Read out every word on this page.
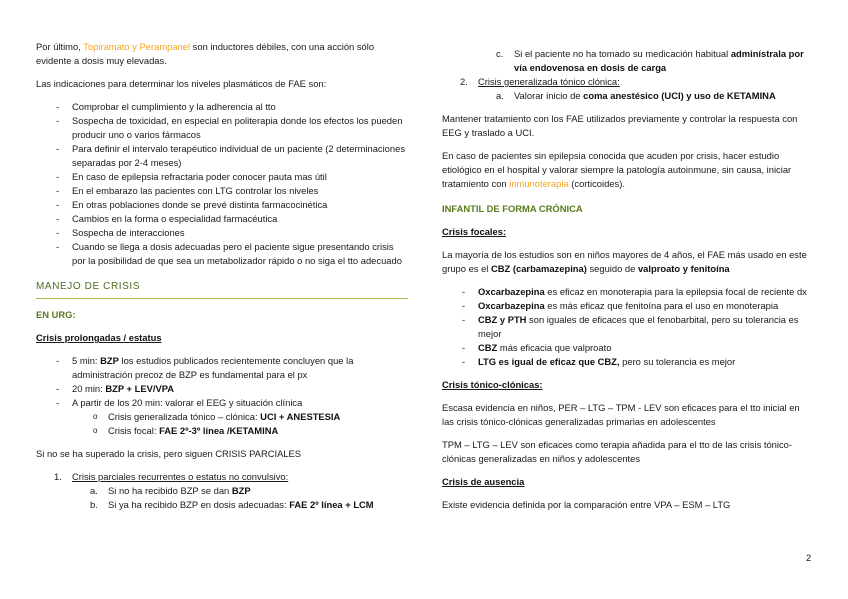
Por último, Topiramato y Perampanel son inductores débiles, con una acción sólo evidente a dosis muy elevadas.

Las indicaciones para determinar los niveles plasmáticos de FAE son:

- Comprobar el cumplimiento y la adherencia al tto
- Sospecha de toxicidad, en especial en politerapia donde los efectos los pueden producir uno o varios fármacos
- Para definir el intervalo terapéutico individual de un paciente (2 determinaciones separadas por 2-4 meses)
- En caso de epilepsia refractaria poder conocer pauta mas útil
- En el embarazo las pacientes con LTG controlar los niveles
- En otras poblaciones donde se prevé distinta farmacocinética
- Cambios en la forma o especialidad farmacéutica
- Sospecha de interacciones
- Cuando se llega a dosis adecuadas pero el paciente sigue presentando crisis por la posibilidad de que sea un metabolizador rápido o no siga el tto adecuado
MANEJO DE CRISIS

EN URG:

Crisis prolongadas / estatus

- 5 min: BZP los estudios publicados recientemente concluyen que la administración precoz de BZP es fundamental para el px
- 20 min: BZP + LEV/VPA
- A partir de los 20 min: valorar el EEG y situación clínica
o Crisis generalizada tónico – clónica: UCI + ANESTESIA
o Crisis focal: FAE 2º-3º línea /KETAMINA

Si no se ha superado la crisis, pero siguen CRISIS PARCIALES

1. Crisis parciales recurrentes o estatus no convulsivo:
a. Si no ha recibido BZP se dan BZP
b. Si ya ha recibido BZP en dosis adecuadas: FAE 2º línea + LCM
c. Si el paciente no ha tomado su medicación habitual adminístrala por vía endovenosa en dosis de carga
2. Crisis generalizada tónico clónica:
a. Valorar inicio de coma anestésico (UCI) y uso de KETAMINA

Mantener tratamiento con los FAE utilizados previamente y controlar la respuesta con EEG y traslado a UCI.

En caso de pacientes sin epilepsia conocida que acuden por crisis, hacer estudio etiológico en el hospital y valorar siempre la patología autoinmune, sin causa, iniciar tratamiento con inmunoterapia (corticoides).

INFANTIL DE FORMA CRÓNICA

Crisis focales:

La mayoría de los estudios son en niños mayores de 4 años, el FAE más usado en este grupo es el CBZ (carbamazepina) seguido de valproato y fenitoína

- Oxcarbazepina es eficaz en monoterapia para la epilepsia focal de reciente dx
- Oxcarbazepina es más eficaz que fenitoína para el uso en monoterapia
- CBZ y PTH son iguales de eficaces que el fenobarbital, pero su tolerancia es mejor
- CBZ más eficacia que valproato
- LTG es igual de eficaz que CBZ, pero su tolerancia es mejor

Crisis tónico-clónicas:

Escasa evidencia en niños, PER – LTG – TPM - LEV son eficaces para el tto inicial en las crisis tónico-clónicas generalizadas primarias en adolescentes

TPM – LTG – LEV son eficaces como terapia añadida para el tto de las crisis tónico-clónicas generalizadas en niños y adolescentes

Crisis de ausencia

Existe evidencia definida por la comparación entre VPA – ESM – LTG

2
